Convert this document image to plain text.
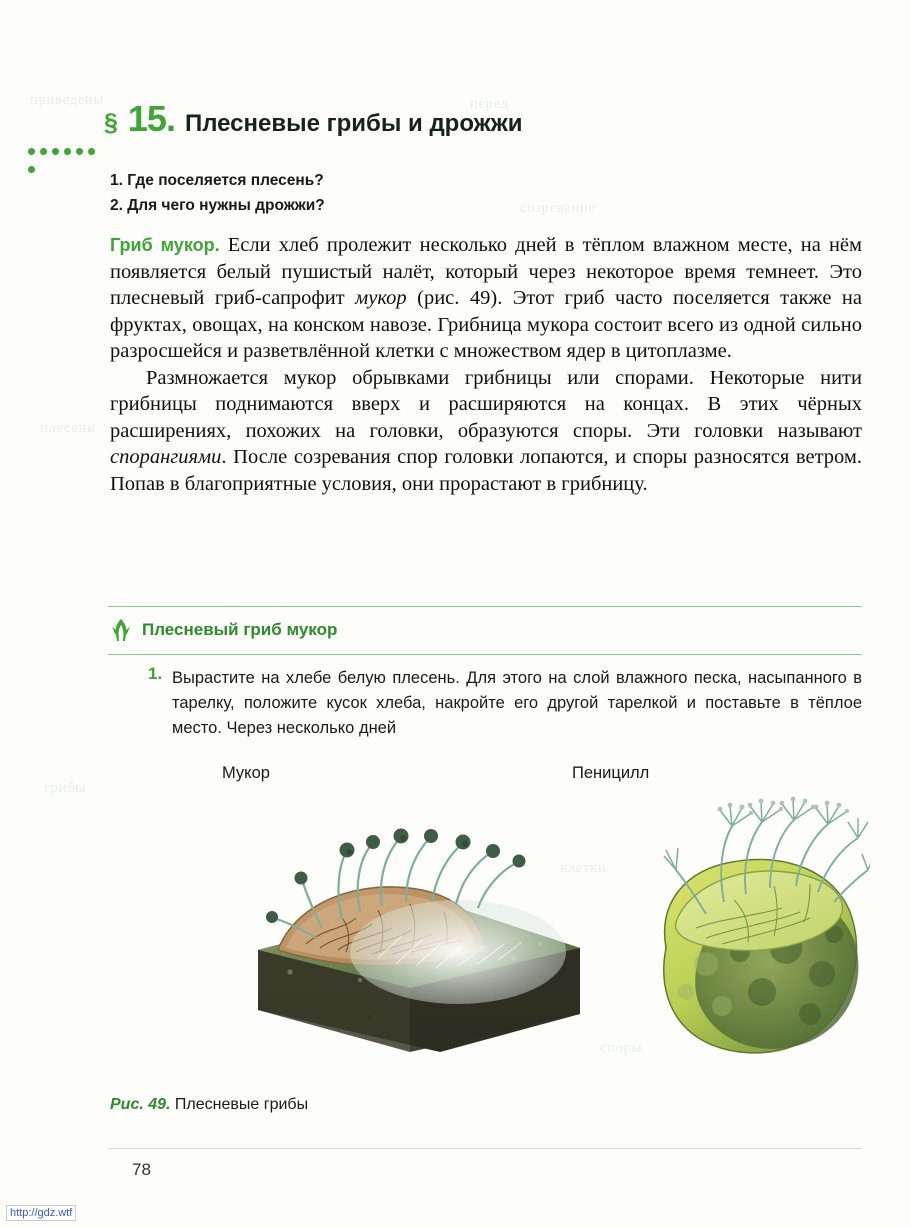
приведены	перед
созревание
плесени
грибы
клетки
споры
§ 15. Плесневые грибы и дрожжи
1. Где поселяется плесень?
2. Для чего нужны дрожжи?

Гриб мукор. Если хлеб пролежит несколько дней в тёплом влажном месте, на нём появляется белый пушистый налёт, который через некоторое время темнеет. Это плесневый гриб-сапрофит мукор (рис. 49). Этот гриб часто поселяется также на фруктах, овощах, на конском навозе. Грибница мукора состоит всего из одной сильно разросшейся и разветвлённой клетки с множеством ядер в цитоплазме.

Размножается мукор обрывками грибницы или спорами. Некоторые нити грибницы поднимаются вверх и расширяются на концах. В этих чёрных расширениях, похожих на головки, образуются споры. Эти головки называют спорангиями. После созревания спор головки лопаются, и споры разносятся ветром. Попав в благоприятные условия, они прорастают в грибницу.

Плесневый гриб мукор
1. Вырастите на хлебе белую плесень. Для этого на слой влажного песка, насыпанного в тарелку, положите кусок хлеба, накройте его другой тарелкой и поставьте в тёплое место. Через несколько дней
Мукор	Пеницилл
Рис. 49. Плесневые грибы
78
http://gdz.wtf
